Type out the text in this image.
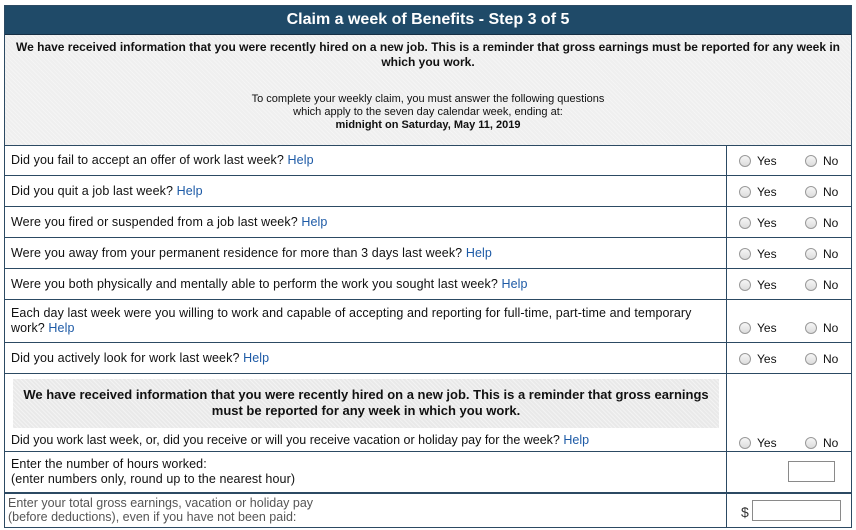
Claim a week of Benefits - Step 3 of 5
We have received information that you were recently hired on a new job. This is a reminder that gross earnings must be reported for any week in which you work.
To complete your weekly claim, you must answer the following questions
which apply to the seven day calendar week, ending at:
midnight on Saturday, May 11, 2019
Did you fail to accept an offer of work last week? Help	Yes	No
Did you quit a job last week? Help	Yes	No
Were you fired or suspended from a job last week? Help	Yes	No
Were you away from your permanent residence for more than 3 days last week? Help	Yes	No
Were you both physically and mentally able to perform the work you sought last week? Help	Yes	No
Each day last week were you willing to work and capable of accepting and reporting for full-time, part-time and temporary work? Help	Yes	No
Did you actively look for work last week? Help	Yes	No
We have received information that you were recently hired on a new job. This is a reminder that gross earnings must be reported for any week in which you work.
Did you work last week, or, did you receive or will you receive vacation or holiday pay for the week? Help	Yes	No
Enter the number of hours worked:
(enter numbers only, round up to the nearest hour)
Enter your total gross earnings, vacation or holiday pay
(before deductions), even if you have not been paid:	$
